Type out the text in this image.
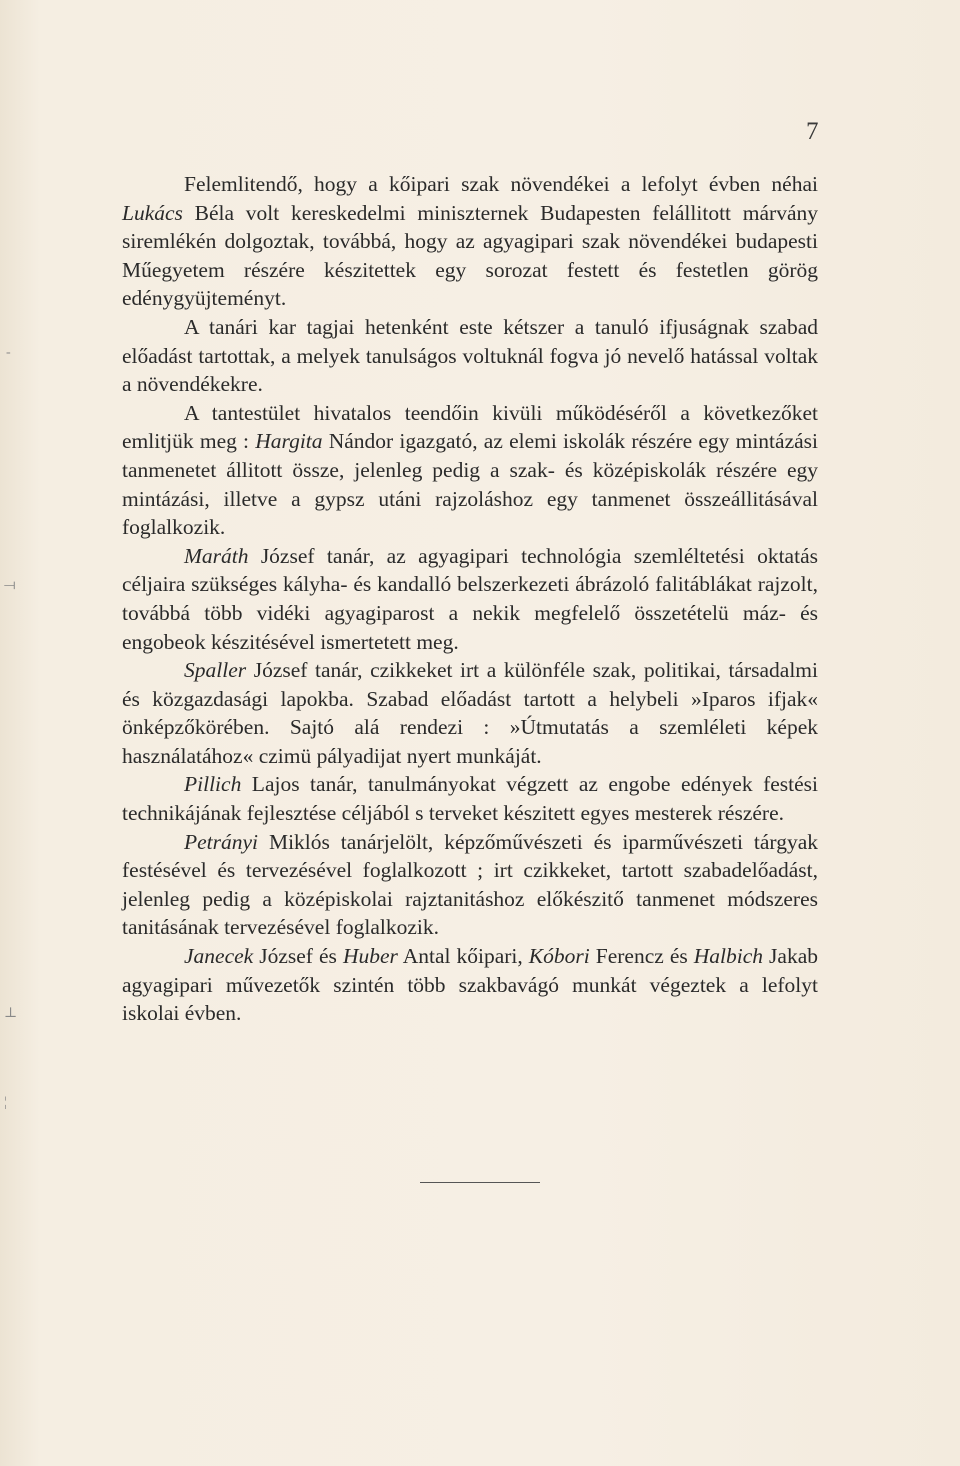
7

Felemlitendő, hogy a kőipari szak növendékei a lefolyt évben néhai Lukács Béla volt kereskedelmi miniszternek Budapesten felállitott márvány siremlékén dolgoztak, továbbá, hogy az agyagipari szak növendékei budapesti Műegyetem részére készitettek egy sorozat festett és festetlen görög edénygyüjteményt.

A tanári kar tagjai hetenként este kétszer a tanuló ifjuságnak szabad előadást tartottak, a melyek tanulságos voltuknál fogva jó nevelő hatással voltak a növendékekre.

A tantestület hivatalos teendőin kivüli működéséről a következőket emlitjük meg : Hargita Nándor igazgató, az elemi iskolák részére egy mintázási tanmenetet állitott össze, jelenleg pedig a szak- és középiskolák részére egy mintázási, illetve a gypsz utáni rajzoláshoz egy tanmenet összeállitásával foglalkozik.

Maráth József tanár, az agyagipari technológia szemléltetési oktatás céljaira szükséges kályha- és kandalló belszerkezeti ábrázoló falitáblákat rajzolt, továbbá több vidéki agyagiparost a nekik megfelelő összetételü máz- és engobeok készitésével ismertetett meg.

Spaller József tanár, czikkeket irt a különféle szak, politikai, társadalmi és közgazdasági lapokba. Szabad előadást tartott a helybeli »Iparos ifjak« önképzőkörében. Sajtó alá rendezi : »Útmutatás a szemléleti képek használatához« czimü pályadijat nyert munkáját.

Pillich Lajos tanár, tanulmányokat végzett az engobe edények festési technikájának fejlesztése céljából s terveket készitett egyes mesterek részére.

Petrányi Miklós tanárjelölt, képzőművészeti és iparművészeti tárgyak festésével és tervezésével foglalkozott ; irt czikkeket, tartott szabadelőadást, jelenleg pedig a középiskolai rajztanitáshoz előkészitő tanmenet módszeres tanitásának tervezésével foglalkozik.

Janecek József és Huber Antal kőipari, Kóbori Ferencz és Halbich Jakab agyagipari művezetők szintén több szakbavágó munkát végeztek a lefolyt iskolai évben.

-
⟞
⊥
¦
